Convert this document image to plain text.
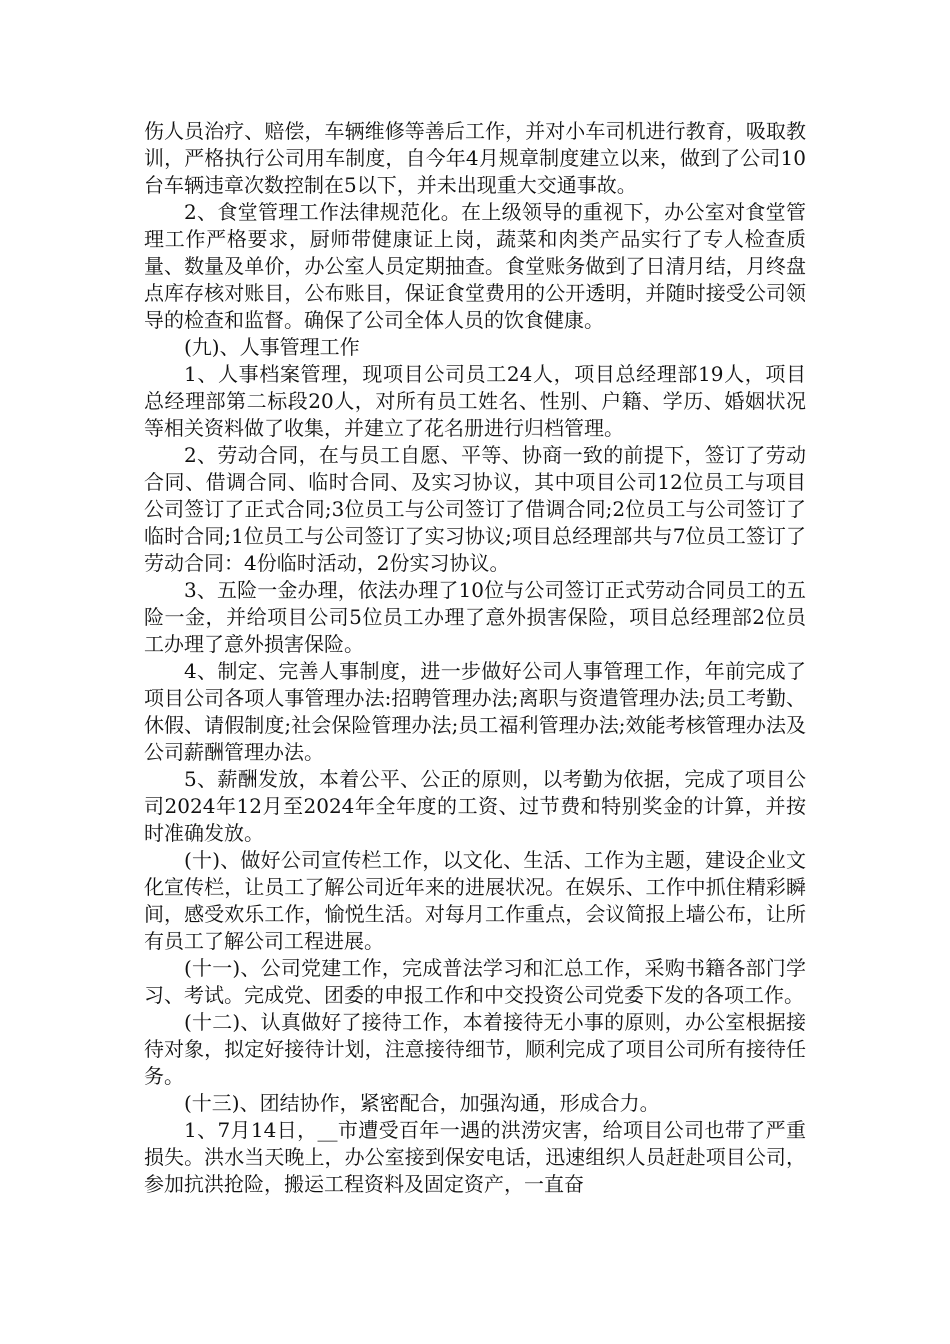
伤人员治疗、赔偿，车辆维修等善后工作，并对小车司机进行教育，吸取教训，严格执行公司用车制度，自今年4月规章制度建立以来，做到了公司10台车辆违章次数控制在5以下，并未出现重大交通事故。

2、食堂管理工作法律规范化。在上级领导的重视下，办公室对食堂管理工作严格要求，厨师带健康证上岗，蔬菜和肉类产品实行了专人检查质量、数量及单价，办公室人员定期抽查。食堂账务做到了日清月结，月终盘点库存核对账目，公布账目，保证食堂费用的公开透明，并随时接受公司领导的检查和监督。确保了公司全体人员的饮食健康。

(九)、人事管理工作

1、人事档案管理，现项目公司员工24人，项目总经理部19人，项目总经理部第二标段20人，对所有员工姓名、性别、户籍、学历、婚姻状况等相关资料做了收集，并建立了花名册进行归档管理。

2、劳动合同，在与员工自愿、平等、协商一致的前提下，签订了劳动合同、借调合同、临时合同、及实习协议，其中项目公司12位员工与项目公司签订了正式合同;3位员工与公司签订了借调合同;2位员工与公司签订了临时合同;1位员工与公司签订了实习协议;项目总经理部共与7位员工签订了劳动合同：4份临时活动，2份实习协议。

3、五险一金办理，依法办理了10位与公司签订正式劳动合同员工的五险一金，并给项目公司5位员工办理了意外损害保险，项目总经理部2位员工办理了意外损害保险。

4、制定、完善人事制度，进一步做好公司人事管理工作，年前完成了项目公司各项人事管理办法:招聘管理办法;离职与资遣管理办法;员工考勤、休假、请假制度;社会保险管理办法;员工福利管理办法;效能考核管理办法及公司薪酬管理办法。

5、薪酬发放，本着公平、公正的原则，以考勤为依据，完成了项目公司2024年12月至2024年全年度的工资、过节费和特别奖金的计算，并按时准确发放。

(十)、做好公司宣传栏工作，以文化、生活、工作为主题，建设企业文化宣传栏，让员工了解公司近年来的进展状况。在娱乐、工作中抓住精彩瞬间，感受欢乐工作，愉悦生活。对每月工作重点，会议简报上墙公布，让所有员工了解公司工程进展。

(十一)、公司党建工作，完成普法学习和汇总工作，采购书籍各部门学习、考试。完成党、团委的申报工作和中交投资公司党委下发的各项工作。

(十二)、认真做好了接待工作，本着接待无小事的原则，办公室根据接待对象，拟定好接待计划，注意接待细节，顺利完成了项目公司所有接待任务。

(十三)、团结协作，紧密配合，加强沟通，形成合力。

1、7月14日，__市遭受百年一遇的洪涝灾害，给项目公司也带了严重损失。洪水当天晚上，办公室接到保安电话，迅速组织人员赶赴项目公司，参加抗洪抢险，搬运工程资料及固定资产，一直奋
